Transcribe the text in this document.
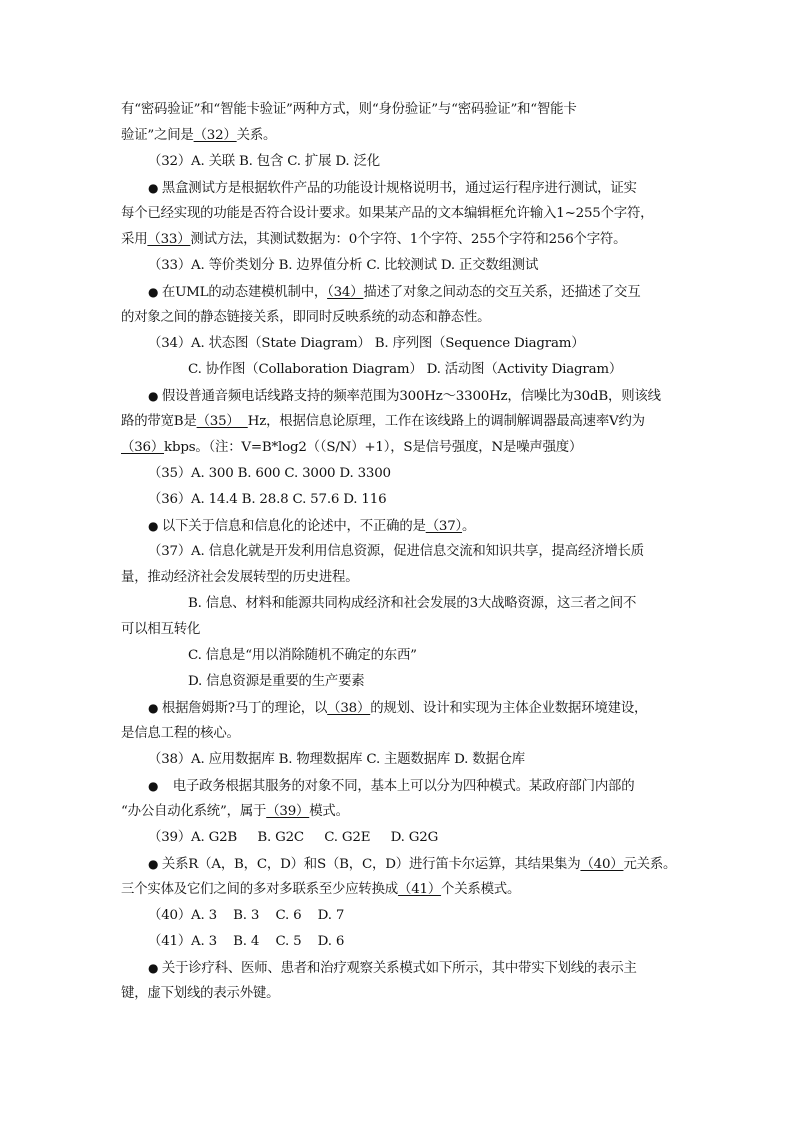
有“密码验证”和“智能卡验证”两种方式，则“身份验证”与“密码验证”和“智能卡
验证”之间是（32）关系。
（32）A. 关联 B. 包含 C. 扩展 D. 泛化
● 黑盒测试方是根据软件产品的功能设计规格说明书，通过运行程序进行测试，证实
每个已经实现的功能是否符合设计要求。如果某产品的文本编辑框允许输入1~255个字符，
采用（33）测试方法，其测试数据为：0个字符、1个字符、255个字符和256个字符。
（33）A. 等价类划分 B. 边界值分析 C. 比较测试 D. 正交数组测试
● 在UML的动态建模机制中，（34）描述了对象之间动态的交互关系，还描述了交互
的对象之间的静态链接关系，即同时反映系统的动态和静态性。
（34）A. 状态图（State Diagram） B. 序列图（Sequence Diagram）
C. 协作图（Collaboration Diagram） D. 活动图（Activity Diagram）
● 假设普通音频电话线路支持的频率范围为300Hz～3300Hz，信噪比为30dB，则该线
路的带宽B是（35）  Hz，根据信息论原理，工作在该线路上的调制解调器最高速率V约为
（36）kbps。（注：V=B*log2（（S/N）+1），S是信号强度，N是噪声强度）
（35）A. 300 B. 600 C. 3000 D. 3300
（36）A. 14.4 B. 28.8 C. 57.6 D. 116
● 以下关于信息和信息化的论述中，不正确的是（37）。
（37）A. 信息化就是开发利用信息资源，促进信息交流和知识共享，提高经济增长质
量，推动经济社会发展转型的历史进程。
B. 信息、材料和能源共同构成经济和社会发展的3大战略资源，这三者之间不
可以相互转化
C. 信息是“用以消除随机不确定的东西”
D. 信息资源是重要的生产要素
● 根据詹姆斯?马丁的理论，以（38）的规划、设计和实现为主体企业数据环境建设，
是信息工程的核心。
（38）A. 应用数据库 B. 物理数据库 C. 主题数据库 D. 数据仓库
●    电子政务根据其服务的对象不同，基本上可以分为四种模式。某政府部门内部的
“办公自动化系统”，属于（39）模式。
（39）A. G2B     B. G2C     C. G2E     D. G2G
● 关系R（A，B，C，D）和S（B，C，D）进行笛卡尔运算，其结果集为（40）元关系。
三个实体及它们之间的多对多联系至少应转换成（41）个关系模式。
（40）A. 3    B. 3    C. 6    D. 7
（41）A. 3    B. 4    C. 5    D. 6
● 关于诊疗科、医师、患者和治疗观察关系模式如下所示，其中带实下划线的表示主
键，虚下划线的表示外键。
